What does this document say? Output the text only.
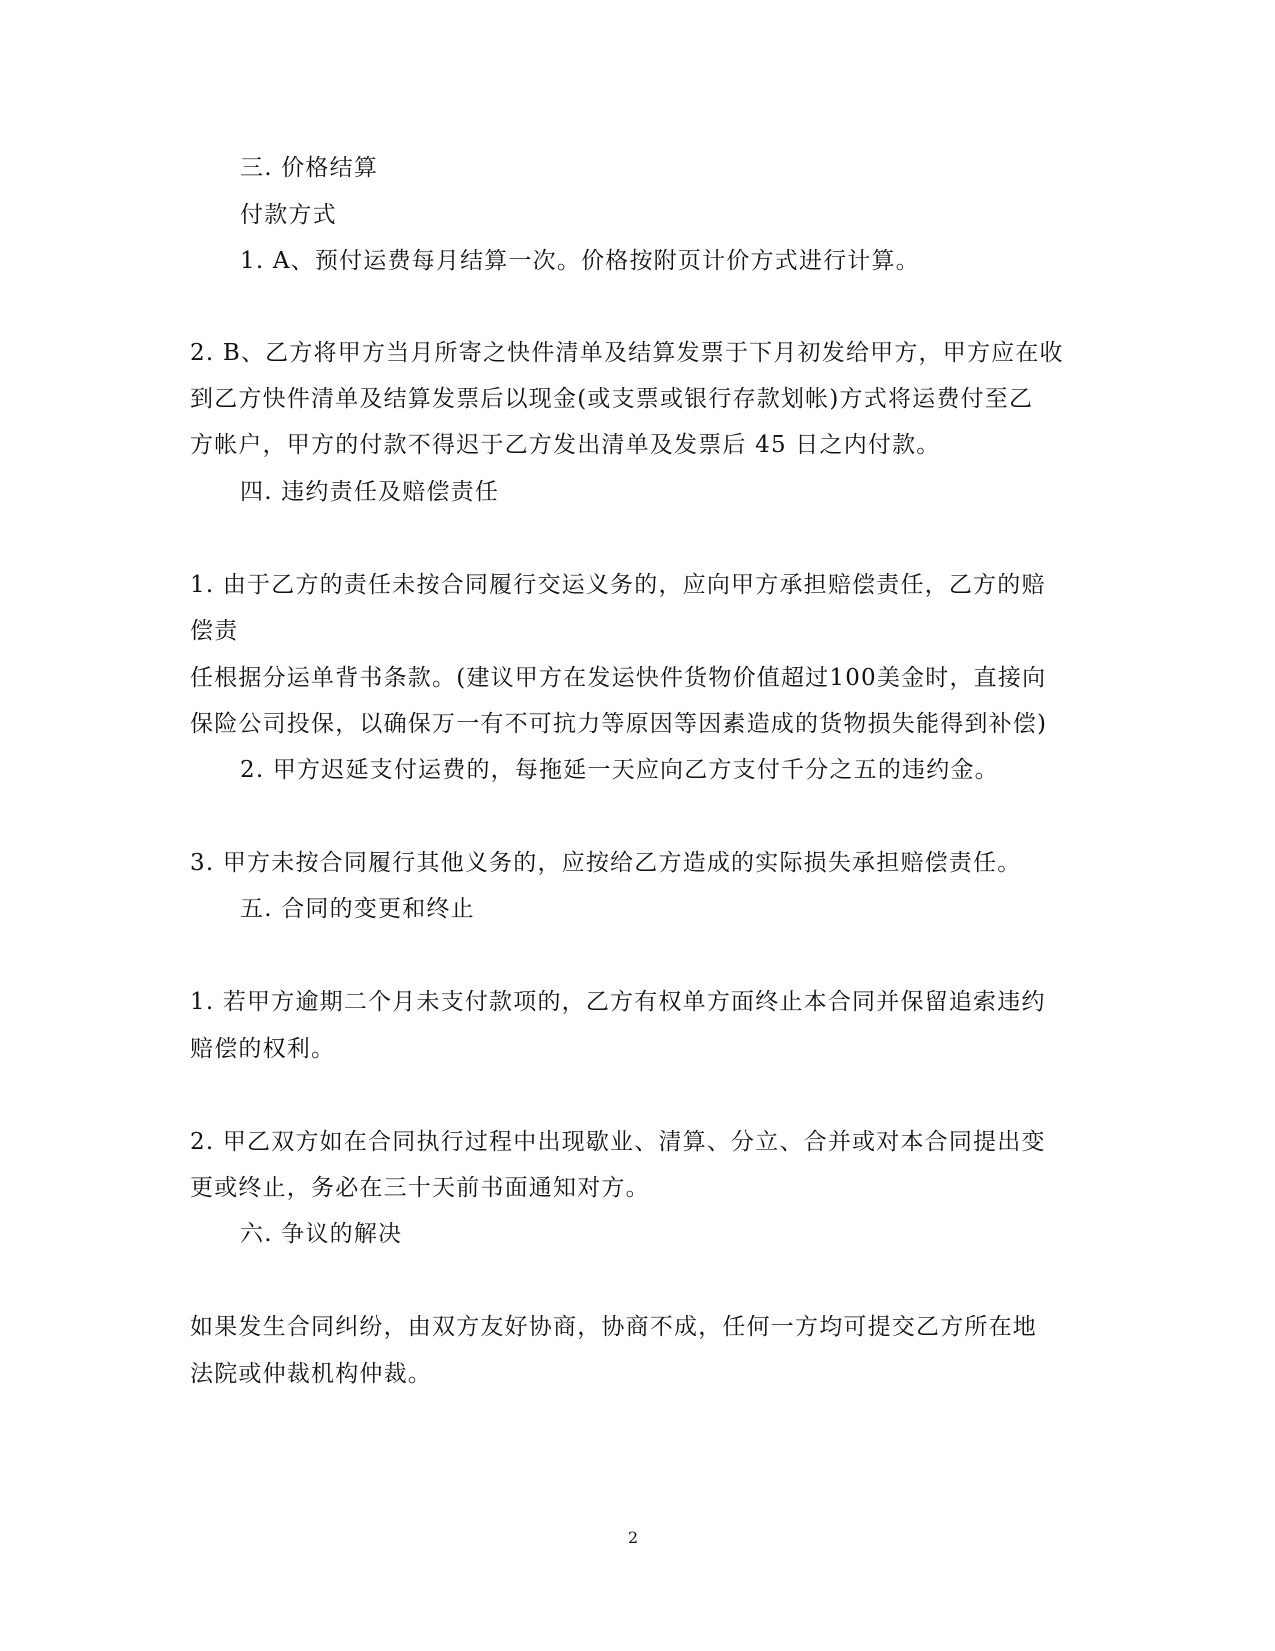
三. 价格结算
付款方式
1. A、预付运费每月结算一次。价格按附页计价方式进行计算。
2. B、乙方将甲方当月所寄之快件清单及结算发票于下月初发给甲方，甲方应在收
到乙方快件清单及结算发票后以现金(或支票或银行存款划帐)方式将运费付至乙
方帐户，甲方的付款不得迟于乙方发出清单及发票后 45 日之内付款。
四. 违约责任及赔偿责任
1. 由于乙方的责任未按合同履行交运义务的，应向甲方承担赔偿责任，乙方的赔
偿责
任根据分运单背书条款。(建议甲方在发运快件货物价值超过100美金时，直接向
保险公司投保，以确保万一有不可抗力等原因等因素造成的货物损失能得到补偿)
2. 甲方迟延支付运费的，每拖延一天应向乙方支付千分之五的违约金。
3. 甲方未按合同履行其他义务的，应按给乙方造成的实际损失承担赔偿责任。
五. 合同的变更和终止
1. 若甲方逾期二个月未支付款项的，乙方有权单方面终止本合同并保留追索违约
赔偿的权利。
2. 甲乙双方如在合同执行过程中出现歇业、清算、分立、合并或对本合同提出变
更或终止，务必在三十天前书面通知对方。
六. 争议的解决
如果发生合同纠纷，由双方友好协商，协商不成，任何一方均可提交乙方所在地
法院或仲裁机构仲裁。
2
